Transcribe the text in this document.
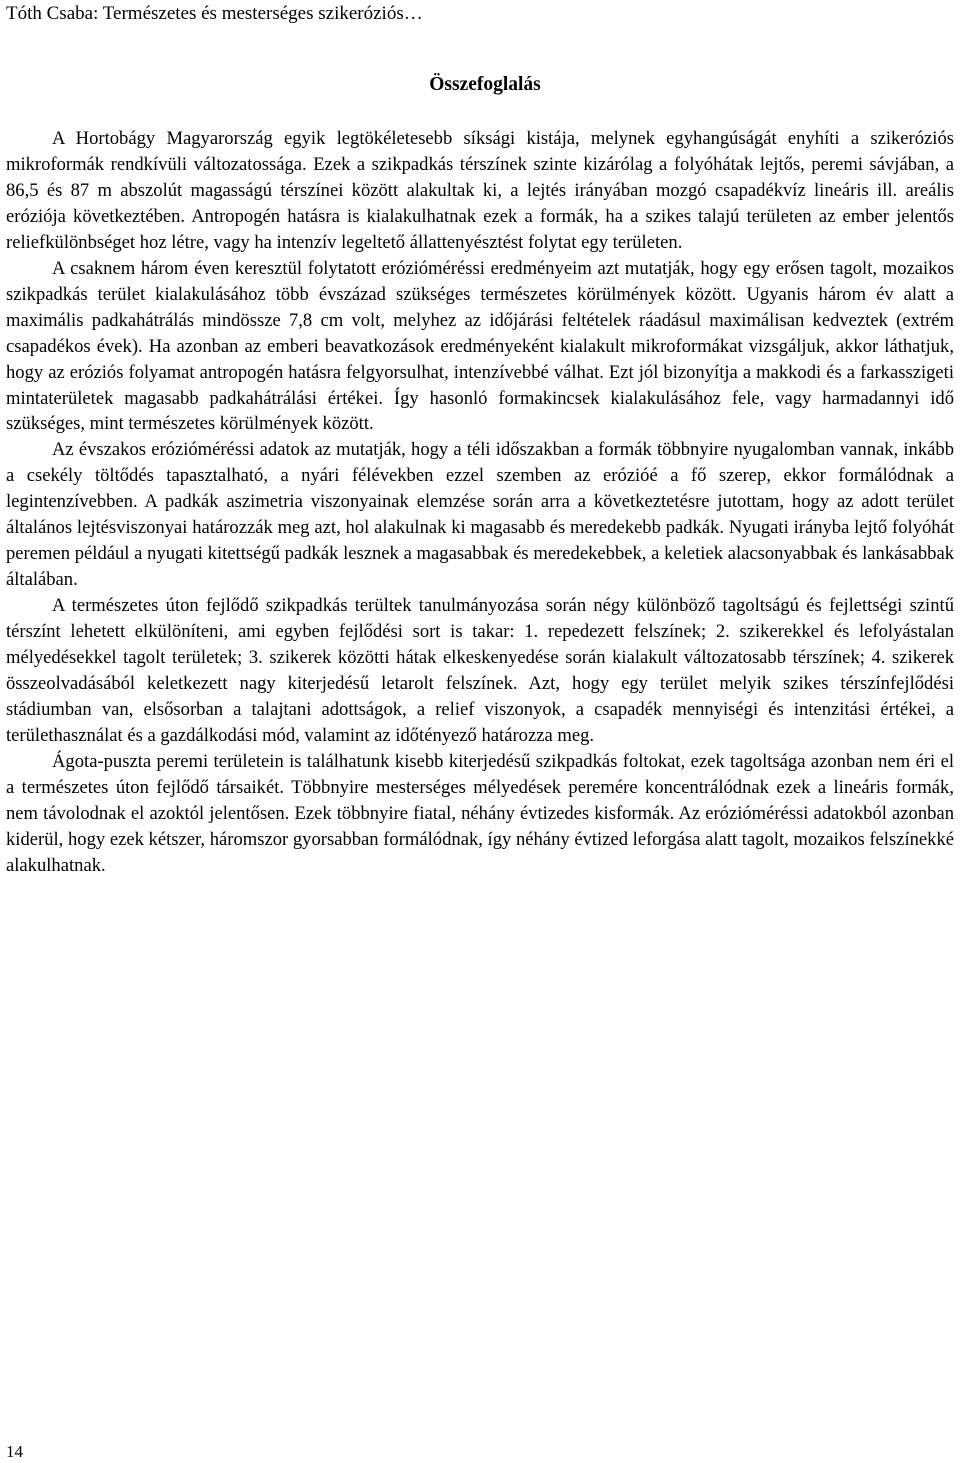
Tóth Csaba: Természetes és mesterséges szikeróziós…
Összefoglalás

A Hortobágy Magyarország egyik legtökéletesebb síksági kistája, melynek egyhangúságát enyhíti a szikeróziós mikroformák rendkívüli változatossága. Ezek a szikpadkás térszínek szinte kizárólag a folyóhátak lejtős, peremi sávjában, a 86,5 és 87 m abszolút magasságú térszínei között alakultak ki, a lejtés irányában mozgó csapadékvíz lineáris ill. areális eróziója következtében. Antropogén hatásra is kialakulhatnak ezek a formák, ha a szikes talajú területen az ember jelentős reliefkülönbséget hoz létre, vagy ha intenzív legeltető állattenyésztést folytat egy területen.

A csaknem három éven keresztül folytatott erózióméréssi eredményeim azt mutatják, hogy egy erősen tagolt, mozaikos szikpadkás terület kialakulásához több évszázad szükséges természetes körülmények között. Ugyanis három év alatt a maximális padkahátrálás mindössze 7,8 cm volt, melyhez az időjárási feltételek ráadásul maximálisan kedveztek (extrém csapadékos évek). Ha azonban az emberi beavatkozások eredményeként kialakult mikroformákat vizsgáljuk, akkor láthatjuk, hogy az eróziós folyamat antropogén hatásra felgyorsulhat, intenzívebbé válhat. Ezt jól bizonyítja a makkodi és a farkasszigeti mintaterületek magasabb padkahátrálási értékei. Így hasonló formakincsek kialakulásához fele, vagy harmadannyi idő szükséges, mint természetes körülmények között.

Az évszakos erózióméréssi adatok az mutatják, hogy a téli időszakban a formák többnyire nyugalomban vannak, inkább a csekély töltődés tapasztalható, a nyári félévekben ezzel szemben az erózióé a fő szerep, ekkor formálódnak a legintenzívebben. A padkák aszimetria viszonyainak elemzése során arra a következtetésre jutottam, hogy az adott terület általános lejtésviszonyai határozzák meg azt, hol alakulnak ki magasabb és meredekebb padkák. Nyugati irányba lejtő folyóhát peremen például a nyugati kitettségű padkák lesznek a magasabbak és meredekebbek, a keletiek alacsonyabbak és lankásabbak általában.

A természetes úton fejlődő szikpadkás terültek tanulmányozása során négy különböző tagoltságú és fejlettségi szintű térszínt lehetett elkülöníteni, ami egyben fejlődési sort is takar: 1. repedezett felszínek; 2. szikerekkel és lefolyástalan mélyedésekkel tagolt területek; 3. szikerek közötti hátak elkeskenyedése során kialakult változatosabb térszínek; 4. szikerek összeolvadásából keletkezett nagy kiterjedésű letarolt felszínek. Azt, hogy egy terület melyik szikes térszínfejlődési stádiumban van, elsősorban a talajtani adottságok, a relief viszonyok, a csapadék mennyiségi és intenzitási értékei, a területhasználat és a gazdálkodási mód, valamint az időtényező határozza meg.

Ágota-puszta peremi területein is találhatunk kisebb kiterjedésű szikpadkás foltokat, ezek tagoltsága azonban nem éri el a természetes úton fejlődő társaikét. Többnyire mesterséges mélyedések peremére koncentrálódnak ezek a lineáris formák, nem távolodnak el azoktól jelentősen. Ezek többnyire fiatal, néhány évtizedes kisformák. Az erózióméréssi adatokból azonban kiderül, hogy ezek kétszer, háromszor gyorsabban formálódnak, így néhány évtized leforgása alatt tagolt, mozaikos felszínekké alakulhatnak.

14
